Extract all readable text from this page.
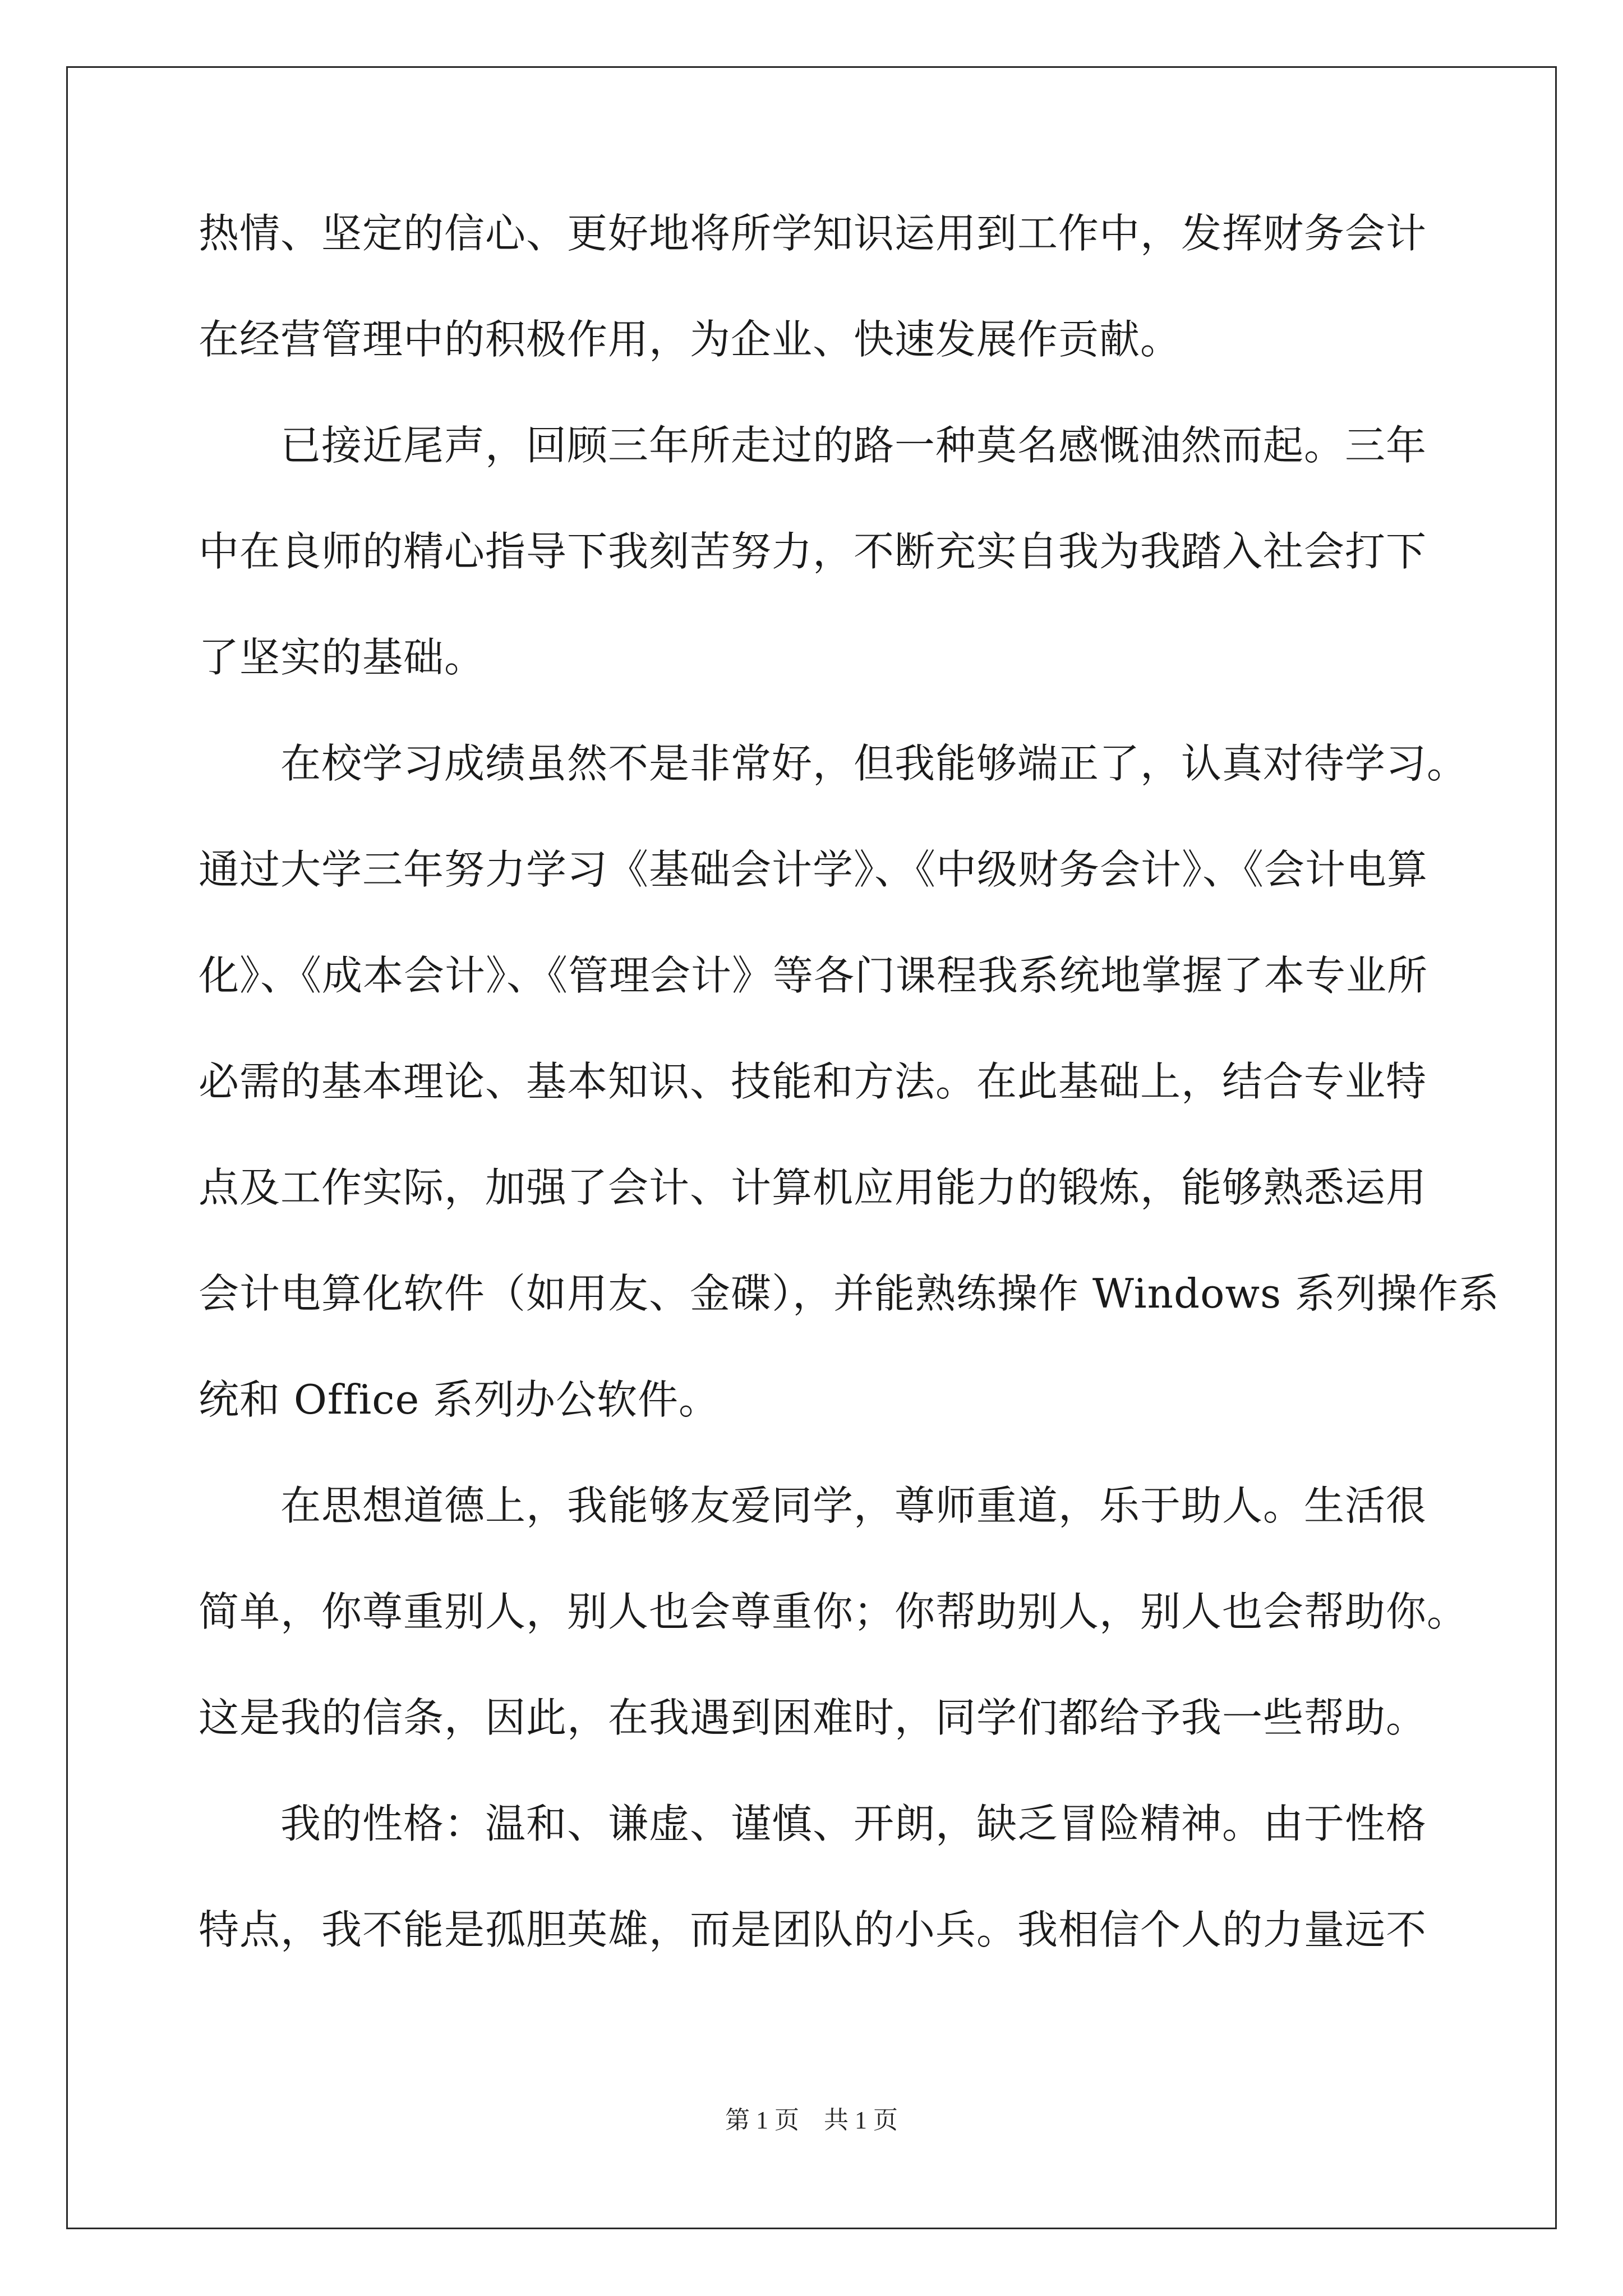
热情、坚定的信心、更好地将所学知识运用到工作中，发挥财务会计
在经营管理中的积极作用，为企业、快速发展作贡献。
　　已接近尾声，回顾三年所走过的路一种莫名感慨油然而起。三年
中在良师的精心指导下我刻苦努力，不断充实自我为我踏入社会打下
了坚实的基础。
　　在校学习成绩虽然不是非常好，但我能够端正了，认真对待学习。
通过大学三年努力学习《基础会计学》、《中级财务会计》、《会计电算
化》、《成本会计》、《管理会计》等各门课程我系统地掌握了本专业所
必需的基本理论、基本知识、技能和方法。在此基础上，结合专业特
点及工作实际，加强了会计、计算机应用能力的锻炼，能够熟悉运用
会计电算化软件（如用友、金碟），并能熟练操作 Windows 系列操作系
统和 Office 系列办公软件。
　　在思想道德上，我能够友爱同学，尊师重道，乐于助人。生活很
简单，你尊重别人，别人也会尊重你；你帮助别人，别人也会帮助你。
这是我的信条，因此，在我遇到困难时，同学们都给予我一些帮助。
　　我的性格：温和、谦虚、谨慎、开朗，缺乏冒险精神。由于性格
特点，我不能是孤胆英雄，而是团队的小兵。我相信个人的力量远不
第 1 页 共 1 页
